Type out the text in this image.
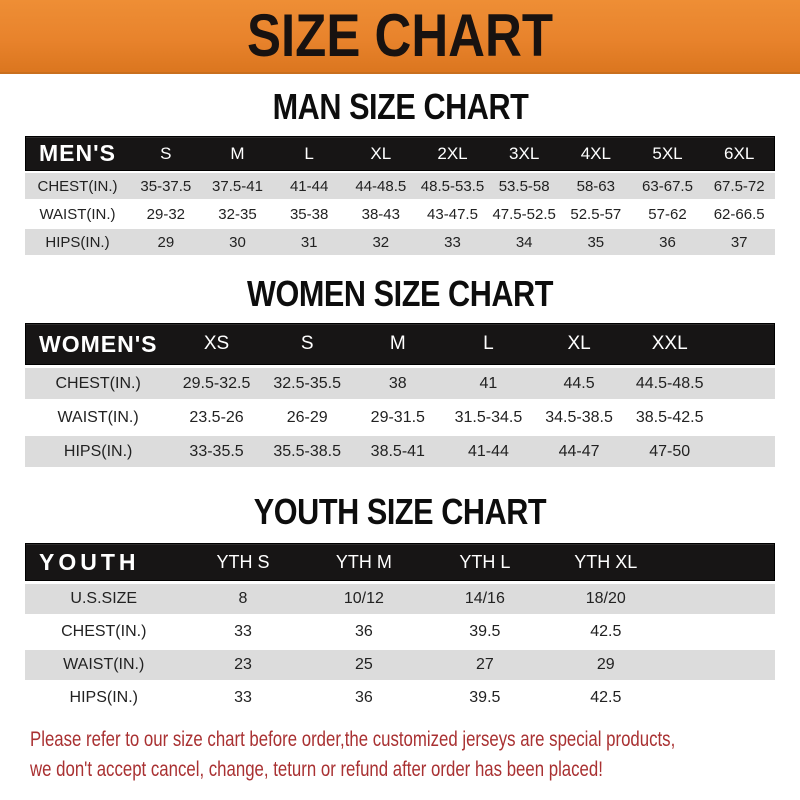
SIZE CHART
MAN SIZE CHART
MEN'S	S	M	L	XL	2XL	3XL	4XL	5XL	6XL
CHEST(IN.)	35-37.5	37.5-41	41-44	44-48.5 48.5-53.5 53.5-58	58-63	63-67.5	67.5-72
WAIST(IN.)	29-32	32-35	35-38	38-43	43-47.5 47.5-52.5 52.5-57	57-62	62-66.5
HIPS(IN.)	29	30	31	32	33	34	35	36	37
WOMEN SIZE CHART
WOMEN'S	XS	S	M	L	XL	XXL
CHEST(IN.)	29.5-32.5	32.5-35.5	38	41	44.5	44.5-48.5
WAIST(IN.)	23.5-26	26-29	29-31.5	31.5-34.5	34.5-38.5	38.5-42.5
HIPS(IN.)	33-35.5	35.5-38.5	38.5-41	41-44	44-47	47-50
YOUTH SIZE CHART
YOUTH	YTH S	YTH M	YTH L	YTH XL
U.S.SIZE	8	10/12	14/16	18/20
CHEST(IN.)	33	36	39.5	42.5
WAIST(IN.)	23	25	27	29
HIPS(IN.)	33	36	39.5	42.5

Please refer to our size chart before order,the customized jerseys are special products,

we don't accept cancel, change, teturn or refund after order has been placed!
